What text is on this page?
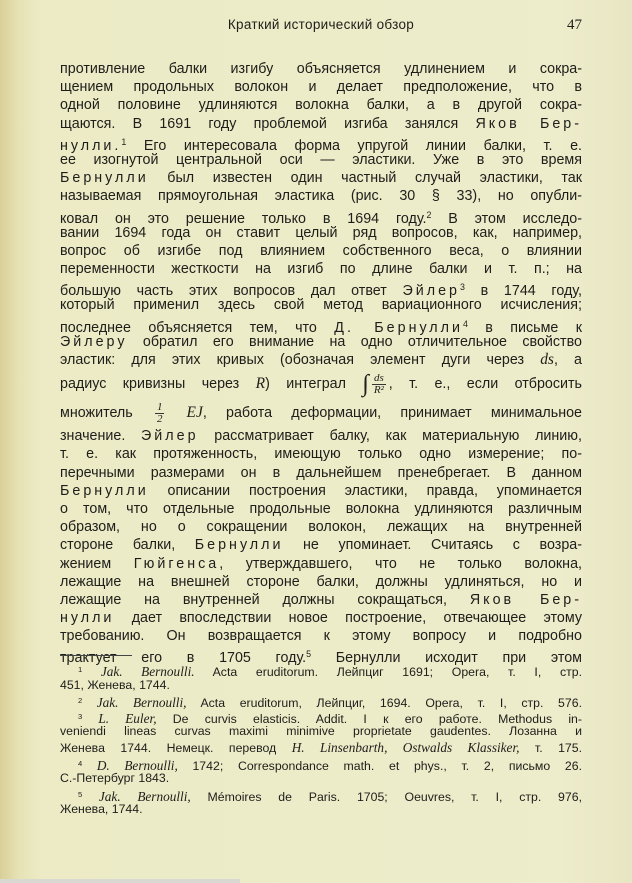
Краткий исторический обзор	47
противление балки изгибу объясняется удлинением и сокра-
щением продольных волокон и делает предположение, что в
одной половине удлиняются волокна балки, а в другой сокра-
щаются. В 1691 году проблемой изгиба занялся Яков Бер-
нулли.$^1$ Его интересовала форма упругой линии балки, т. е.
ее изогнутой центральной оси — эластики. Уже в это время
Бернулли был известен один частный случай эластики, так
называемая прямоугольная эластика (рис. 30 § 33), но опубли-
ковал он это решение только в 1694 году.$^2$ В этом исследо-
вании 1694 года он ставит целый ряд вопросов, как, например,
вопрос об изгибе под влиянием собственного веса, о влиянии
переменности жесткости на изгиб по длине балки и т. п.; на
большую часть этих вопросов дал ответ Эйлер$^3$ в 1744 году,
который применил здесь свой метод вариационного исчисления;
последнее объясняется тем, что Д. Бернулли$^4$ в письме к
Эйлеру обратил его внимание на одно отличительное свойство
эластик: для этих кривых (обозначая элемент дуги через ds, а
радиус кривизны через R) интеграл ∫ $\frac{ds}{\text{R²}}$ , т. е., если отбросить
множитель $\frac{1}{2}$ EJ, работа деформации, принимает минимальное
значение. Эйлер рассматривает балку, как материальную линию,
т. е. как протяженность, имеющую только одно измерение; по-
перечными размерами он в дальнейшем пренебрегает. В данном
Бернулли описании построения эластики, правда, упоминается
о том, что отдельные продольные волокна удлиняются различным
образом, но о сокращении волокон, лежащих на внутренней
стороне балки, Бернулли не упоминает. Считаясь с возра-
жением Гюйгенса, утверждавшего, что не только волокна,
лежащие на внешней стороне балки, должны удлиняться, но и
лежащие на внутренней должны сокращаться, Яков Бер-
нулли дает впоследствии новое построение, отвечающее этому
требованию. Он возвращается к этому вопросу и подробно
трактует его в 1705 году.$^5$ Бернулли исходит при этом
$^1$ Jak. Bernoulli. Acta eruditorum. Лейпциг 1691; Opera, т. I, стр.
451, Женева, 1744.
$^2$ Jak. Bernoulli, Acta eruditorum, Лейпциг, 1694. Opera, т. I, стр. 576.
$^3$ L. Euler, De curvis elasticis. Addit. I к его работе. Methodus in-
veniendi lineas curvas maximi minimive proprietate gaudentes. Лозанна и
Женева 1744. Немецк. перевод H. Linsenbarth, Ostwalds Klassiker, т. 175.
$^4$ D. Bernoulli, 1742; Correspondance math. et phys., т. 2, письмо 26.
С.-Петербург 1843.
$^5$ Jak. Bernoulli, Mémoires de Paris. 1705; Oeuvres, т. I, стр. 976,
Женева, 1744.
